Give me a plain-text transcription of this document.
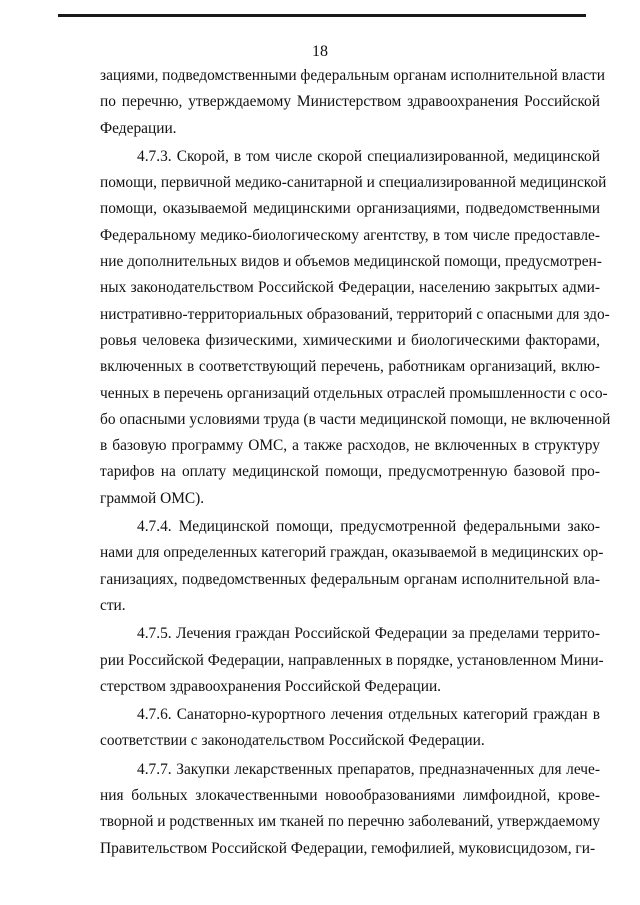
18
зациями, подведомственными федеральным органам исполнительной власти
по перечню, утверждаемому Министерством здравоохранения Российской
Федерации.
4.7.3. Скорой, в том числе скорой специализированной, медицинской
помощи, первичной медико-санитарной и специализированной медицинской
помощи, оказываемой медицинскими организациями, подведомственными
Федеральному медико-биологическому агентству, в том числе предоставле-
ние дополнительных видов и объемов медицинской помощи, предусмотрен-
ных законодательством Российской Федерации, населению закрытых адми-
нистративно-территориальных образований, территорий с опасными для здо-
ровья человека физическими, химическими и биологическими факторами,
включенных в соответствующий перечень, работникам организаций, вклю-
ченных в перечень организаций отдельных отраслей промышленности с осо-
бо опасными условиями труда (в части медицинской помощи, не включенной
в базовую программу ОМС, а также расходов, не включенных в структуру
тарифов на оплату медицинской помощи, предусмотренную базовой про-
граммой ОМС).
4.7.4. Медицинской помощи, предусмотренной федеральными зако-
нами для определенных категорий граждан, оказываемой в медицинских ор-
ганизациях, подведомственных федеральным органам исполнительной вла-
сти.
4.7.5. Лечения граждан Российской Федерации за пределами террито-
рии Российской Федерации, направленных в порядке, установленном Мини-
стерством здравоохранения Российской Федерации.
4.7.6. Санаторно-курортного лечения отдельных категорий граждан в
соответствии с законодательством Российской Федерации.
4.7.7. Закупки лекарственных препаратов, предназначенных для лече-
ния больных злокачественными новообразованиями лимфоидной, крове-
творной и родственных им тканей по перечню заболеваний, утверждаемому
Правительством Российской Федерации, гемофилией, муковисцидозом, ги-
